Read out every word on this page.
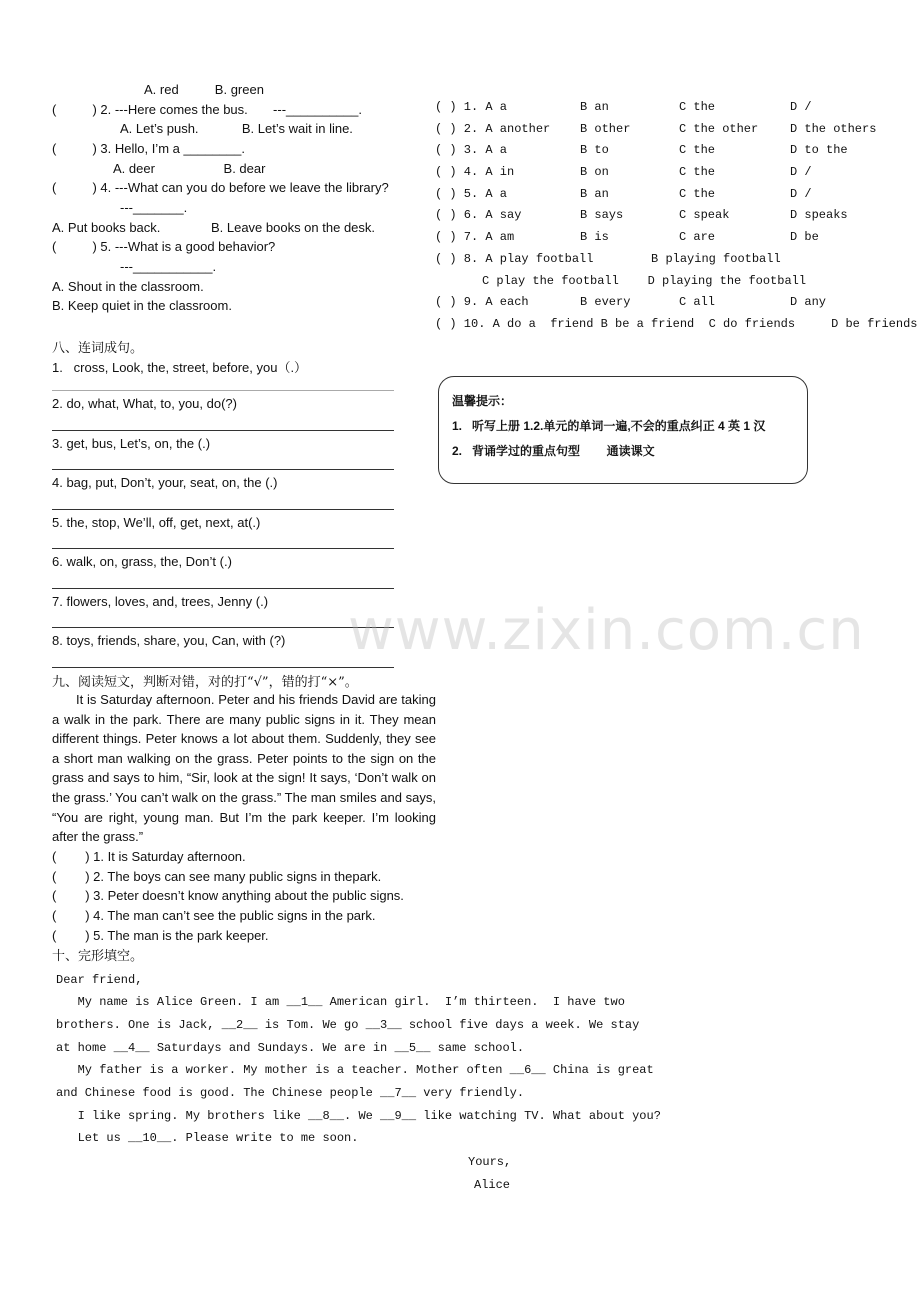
A. red          B. green
(          ) 2. ---Here comes the bus.       ---__________.
A. Let’s push.            B. Let’s wait in line.
(          ) 3. Hello, I’m a ________.
A. deer                   B. dear
(          ) 4. ---What can you do before we leave the library?
---_______.
A. Put books back.              B. Leave books on the desk.
(          ) 5. ---What is a good behavior?
---___________.
A. Shout in the classroom.
B. Keep quiet in the classroom.
八、连词成句。
1.   cross, Look, the, street, before, you（.）
2. do, what, What, to, you, do(?)
3. get, bus, Let’s, on, the (.)
4. bag, put, Don’t, your, seat, on, the (.)
5. the, stop, We’ll, off, get, next, at(.)
6. walk, on, grass, the, Don’t (.)
7. flowers, loves, and, trees, Jenny (.)
8. toys, friends, share, you, Can, with (?)
九、阅读短文，判断对错，对的打“√”，错的打“×”。
It is Saturday afternoon. Peter and his friends David are taking a walk in the park. There are many public signs in it. They mean different things. Peter knows a lot about them. Suddenly, they see a short man walking on the grass. Peter points to the sign on the grass and says to him, “Sir, look at the sign! It says, ‘Don’t walk on the grass.’ You can’t walk on the grass.” The man smiles and says, “You are right, young man. But I’m the park keeper. I’m looking after the grass.”
(        ) 1. It is Saturday afternoon.
(        ) 2. The boys can see many public signs in thepark.
(        ) 3. Peter doesn’t know anything about the public signs.
(        ) 4. The man can’t see the public signs in the park.
(        ) 5. The man is the park keeper.
十、完形填空。
Dear friend,
My name is Alice Green. I am __1__ American girl.  I’m thirteen.  I have two
brothers. One is Jack, __2__ is Tom. We go __3__ school five days a week. We stay
at home __4__ Saturdays and Sundays. We are in __5__ same school.
My father is a worker. My mother is a teacher. Mother often __6__ China is great
and Chinese food is good. The Chinese people __7__ very friendly.
I like spring. My brothers like __8__. We __9__ like watching TV. What about you?
Let us __10__. Please write to me soon.
Yours,
Alice
( ) 1. A a	B an	C the	D /
( ) 2. A another B other	C the other	D the others
( ) 3. A a	B to	C the	D to the
( ) 4. A in	B on	C the	D /
( ) 5. A a	B an	C the	D /
( ) 6. A say	B says	C speak	D speaks
( ) 7. A am	B is	C are	D be
( ) 8. A play football        B playing football
C play the football    D playing the football
( ) 9. A each	B every	C all	D any
( ) 10. A do a  friend B be a friend  C do friends     D be friends
温馨提示：
1.   听写上册 1.2.单元的单词一遍,不会的重点纠正 4 英 1 汉
2.   背诵学过的重点句型        通读课文
www.zixin.com.cn
